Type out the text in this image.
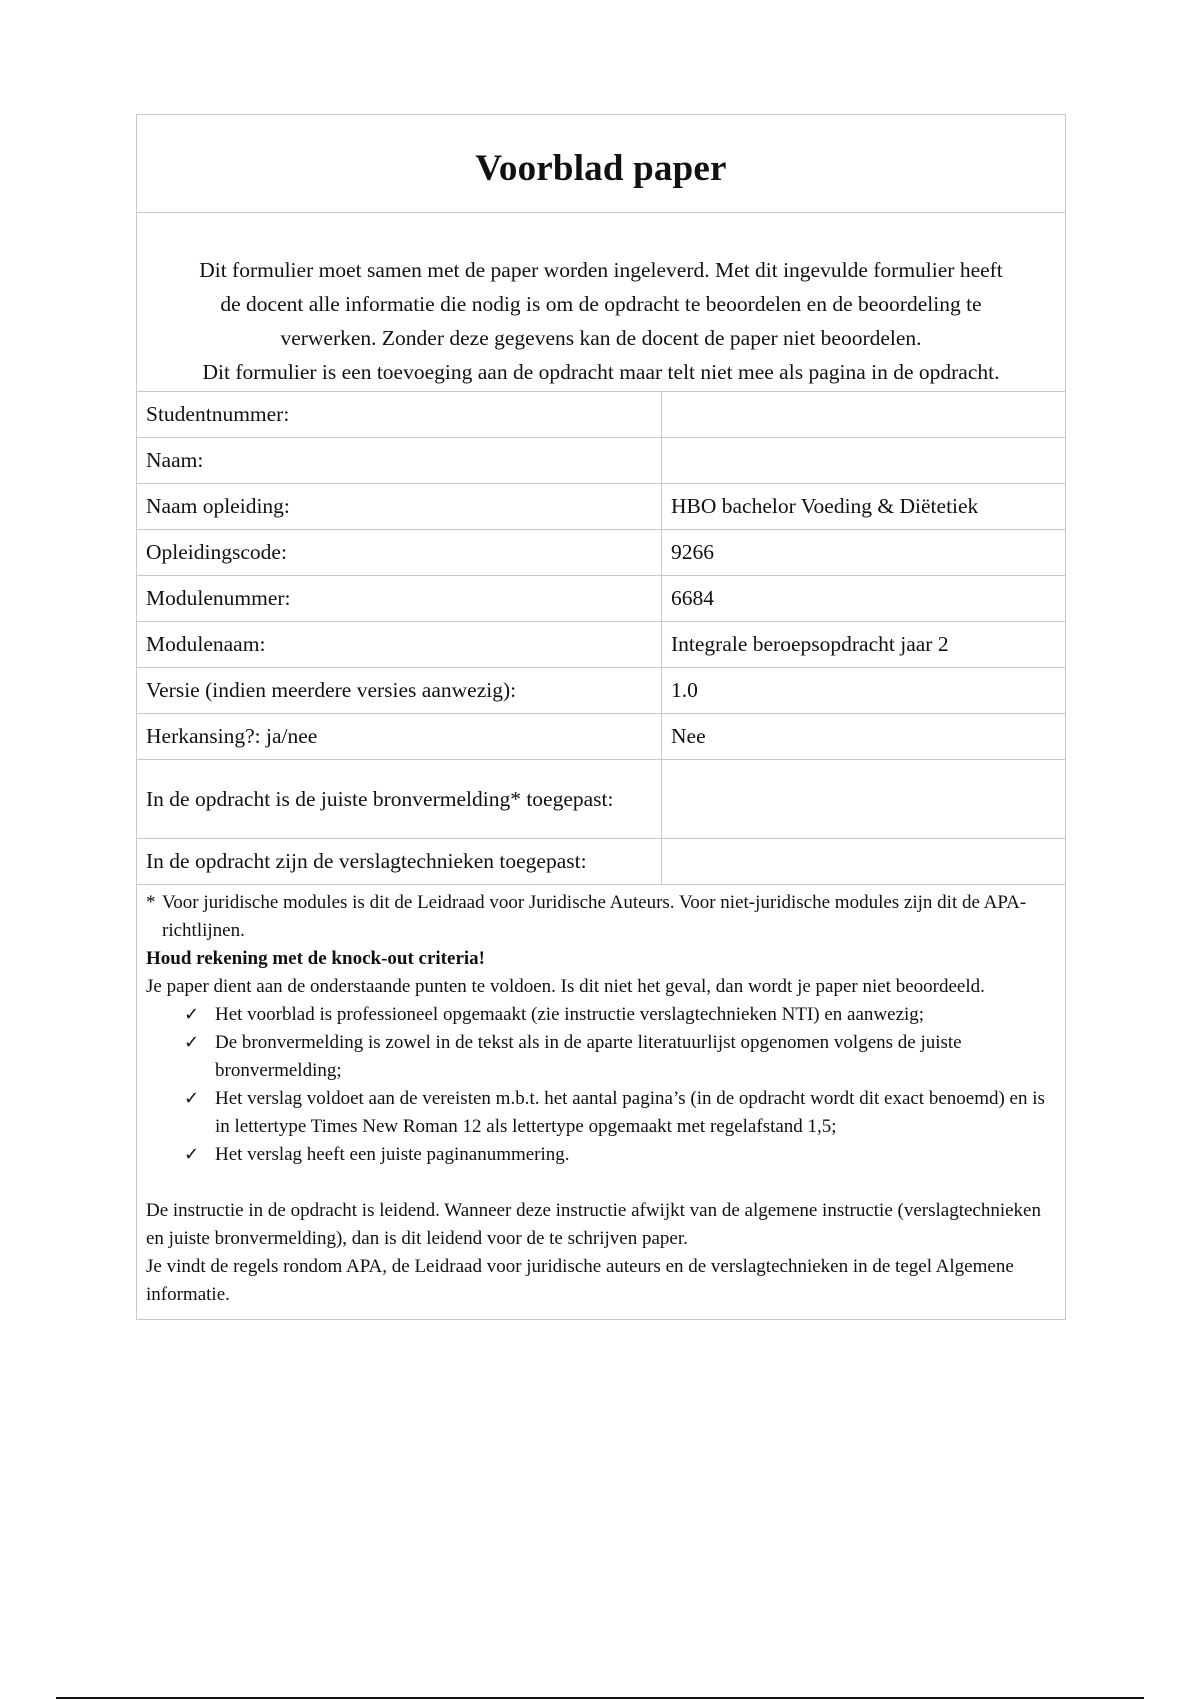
Voorblad paper

Dit formulier moet samen met de paper worden ingeleverd. Met dit ingevulde formulier heeft

de docent alle informatie die nodig is om de opdracht te beoordelen en de beoordeling te

verwerken. Zonder deze gegevens kan de docent de paper niet beoordelen.

Dit formulier is een toevoeging aan de opdracht maar telt niet mee als pagina in de opdracht.

Studentnummer:	
Naam:	
Naam opleiding:	HBO bachelor Voeding & Diëtetiek
Opleidingscode:	9266
Modulenummer:	6684
Modulenaam:	Integrale beroepsopdracht jaar 2
Versie (indien meerdere versies aanwezig):	1.0
Herkansing?: ja/nee	Nee
In de opdracht is de juiste bronvermelding* toegepast:	
In de opdracht zijn de verslagtechnieken toegepast:	

* Voor juridische modules is dit de Leidraad voor Juridische Auteurs. Voor niet-juridische modules zijn dit de APA-richtlijnen.

Houd rekening met de knock-out criteria!

Je paper dient aan de onderstaande punten te voldoen. Is dit niet het geval, dan wordt je paper niet beoordeeld.

✓ Het voorblad is professioneel opgemaakt (zie instructie verslagtechnieken NTI) en aanwezig;
✓ De bronvermelding is zowel in de tekst als in de aparte literatuurlijst opgenomen volgens de juiste bronvermelding;
✓ Het verslag voldoet aan de vereisten m.b.t. het aantal pagina’s (in de opdracht wordt dit exact benoemd) en is in lettertype Times New Roman 12 als lettertype opgemaakt met regelafstand 1,5;
✓ Het verslag heeft een juiste paginanummering.

De instructie in de opdracht is leidend. Wanneer deze instructie afwijkt van de algemene instructie (verslagtechnieken en juiste bronvermelding), dan is dit leidend voor de te schrijven paper.

Je vindt de regels rondom APA, de Leidraad voor juridische auteurs en de verslagtechnieken in de tegel Algemene informatie.
